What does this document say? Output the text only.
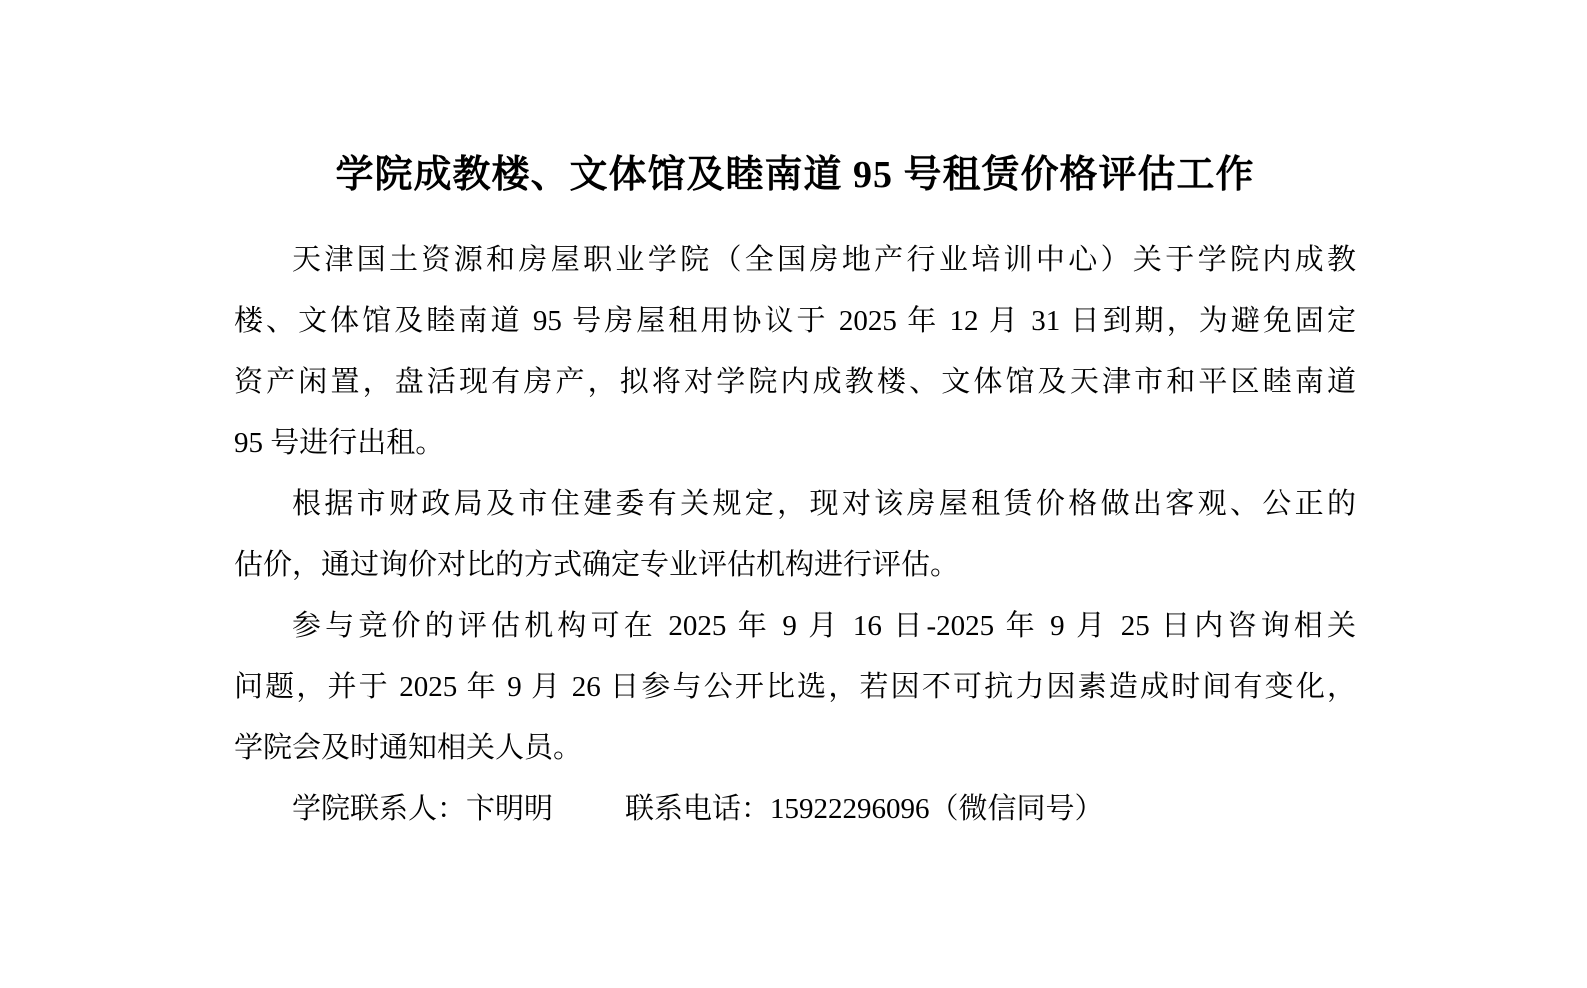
学院成教楼、文体馆及睦南道 95 号租赁价格评估工作
天津国土资源和房屋职业学院（全国房地产行业培训中心）关于学院内成教
楼、文体馆及睦南道 95 号房屋租用协议于 2025 年 12 月 31 日到期，为避免固定
资产闲置，盘活现有房产，拟将对学院内成教楼、文体馆及天津市和平区睦南道
95 号进行出租。
根据市财政局及市住建委有关规定，现对该房屋租赁价格做出客观、公正的
估价，通过询价对比的方式确定专业评估机构进行评估。
参与竞价的评估机构可在 2025 年 9 月 16 日-2025 年 9 月 25 日内咨询相关
问题，并于 2025 年 9 月 26 日参与公开比选，若因不可抗力因素造成时间有变化，
学院会及时通知相关人员。
学院联系人：卞明明 联系电话：15922296096（微信同号）
